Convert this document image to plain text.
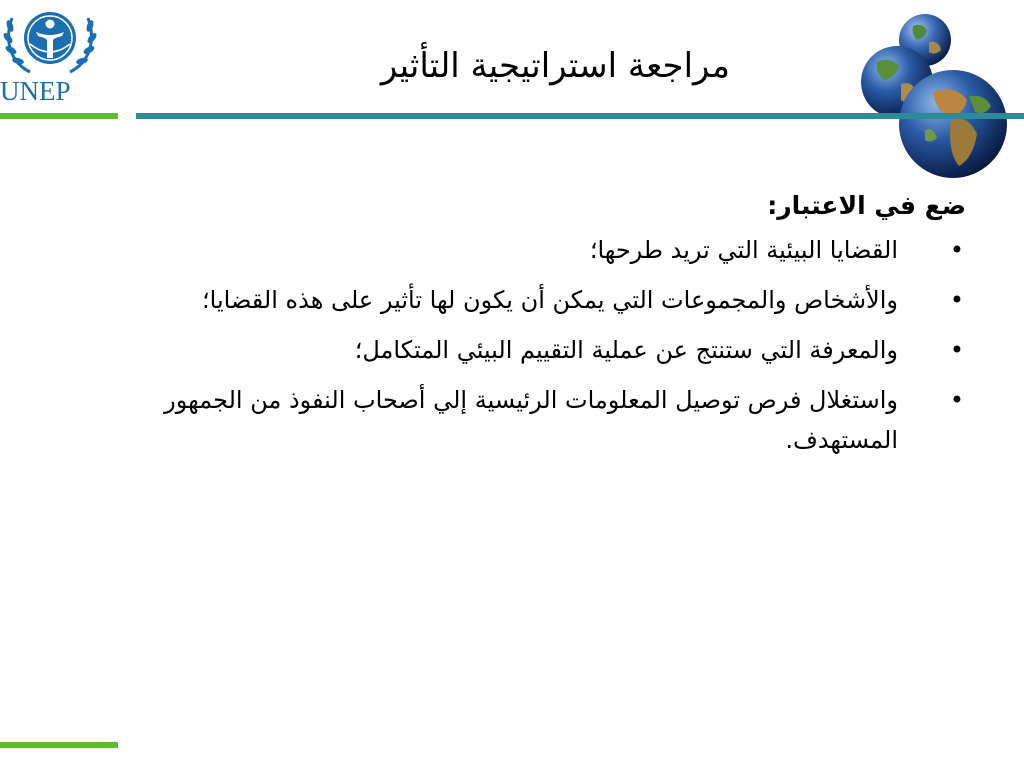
UNEP
مراجعة استراتيجية التأثير
ضع في الاعتبار:
•
القضايا البيئية التي تريد طرحها؛
•
والأشخاص والمجموعات التي يمكن أن يكون لها تأثير على هذه القضايا؛
•
والمعرفة التي ستنتج عن عملية التقييم البيئي المتكامل؛
•
واستغلال فرص توصيل المعلومات الرئيسية إلي أصحاب النفوذ من الجمهور المستهدف.
